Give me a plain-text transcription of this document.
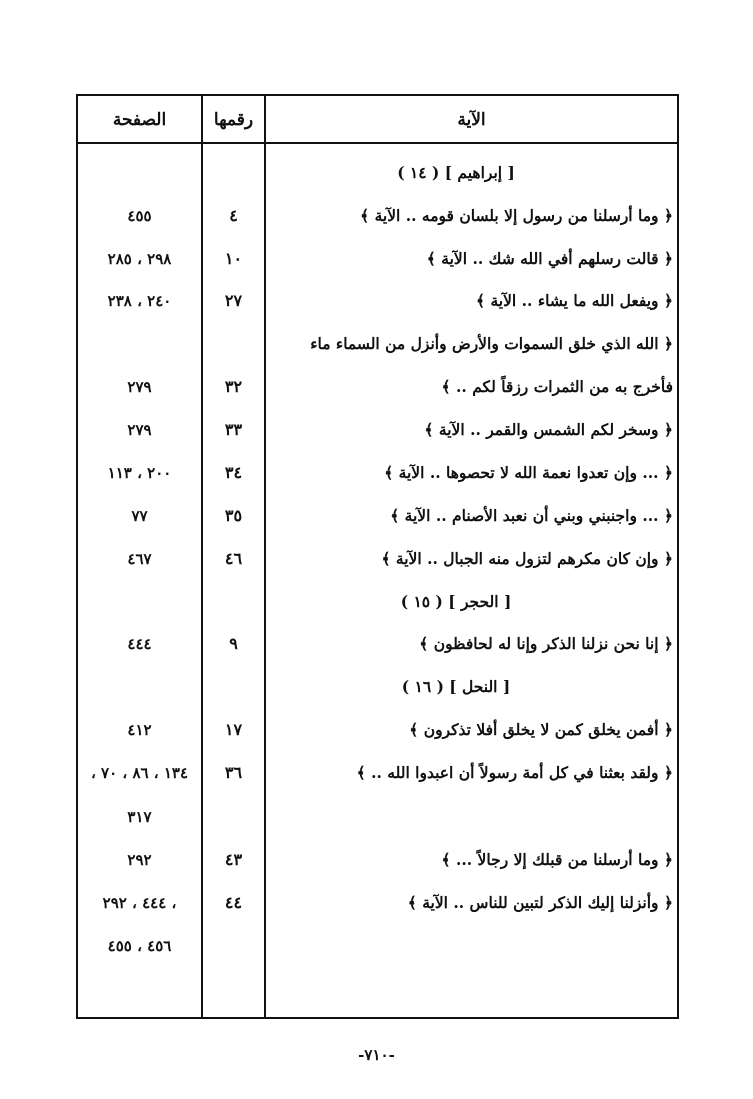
الآية
رقمها
الصفحة
[ إبراهيم ] ( ١٤ )
﴿ وما أرسلنا من رسول إلا بلسان قومه .. الآية ﴾
٤
٤٥٥
﴿ قالت رسلهم أفي الله شك .. الآية ﴾
١٠
٢٩٨ ، ٢٨٥
﴿ ويفعل الله ما يشاء .. الآية ﴾
٢٧
٢٤٠ ، ٢٣٨
﴿ الله الذي خلق السموات والأرض وأنزل من السماء ماء
فأخرج به من الثمرات رزقاً لكم .. ﴾
٣٢
٢٧٩
﴿ وسخر لكم الشمس والقمر .. الآية ﴾
٣٣
٢٧٩
﴿ ... وإن تعدوا نعمة الله لا تحصوها .. الآية ﴾
٣٤
٢٠٠ ، ١١٣
﴿ ... واجنبني وبني أن نعبد الأصنام .. الآية ﴾
٣٥
٧٧
﴿ وإن كان مكرهم لتزول منه الجبال .. الآية ﴾
٤٦
٤٦٧
[ الحجر ] ( ١٥ )
﴿ إنا نحن نزلنا الذكر وإنا له لحافظون ﴾
٩
٤٤٤
[ النحل ] ( ١٦ )
﴿ أفمن يخلق كمن لا يخلق أفلا تذكرون ﴾
١٧
٤١٢
﴿ ولقد بعثنا في كل أمة رسولاً أن اعبدوا الله .. ﴾
٣٦
١٣٤ ، ٨٦ ، ٧٠ ،
٣١٧
﴿ وما أرسلنا من قبلك إلا رجالاً ... ﴾
٤٣
٢٩٢
﴿ وأنزلنا إليك الذكر لتبين للناس .. الآية ﴾
٤٤
، ٤٤٤ ، ٢٩٢
٤٥٦ ، ٤٥٥
-٧١٠-
